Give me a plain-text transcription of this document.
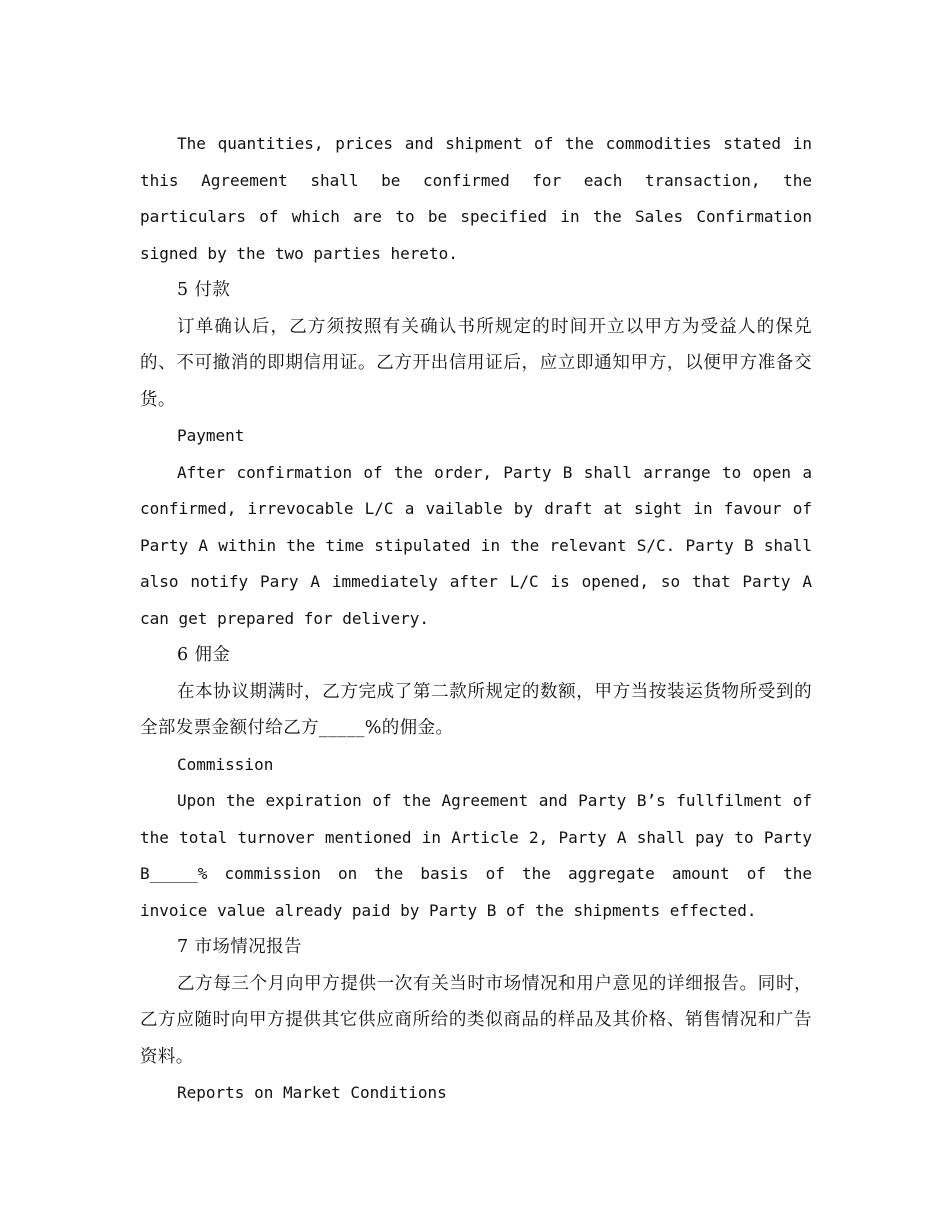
The quantities, prices and shipment of the commodities stated in this Agreement shall be confirmed for each transaction, the particulars of which are to be specified in the Sales Confirmation signed by the two parties hereto.

5 付款

订单确认后，乙方须按照有关确认书所规定的时间开立以甲方为受益人的保兑的、不可撤消的即期信用证。乙方开出信用证后，应立即通知甲方，以便甲方准备交货。

Payment

After confirmation of the order, Party B shall arrange to open a confirmed, irrevocable L/C a vailable by draft at sight in favour of Party A within the time stipulated in the relevant S/C. Party B shall also notify Pary A immediately after L/C is opened, so that Party A can get prepared for delivery.

6 佣金

在本协议期满时，乙方完成了第二款所规定的数额，甲方当按装运货物所受到的全部发票金额付给乙方_____%的佣金。

Commission

Upon the expiration of the Agreement and Party B’s fullfilment of the total turnover mentioned in Article 2, Party A shall pay to Party B_____% commission on the basis of the aggregate amount of the invoice value already paid by Party B of the shipments effected.

7 市场情况报告

乙方每三个月向甲方提供一次有关当时市场情况和用户意见的详细报告。同时，乙方应随时向甲方提供其它供应商所给的类似商品的样品及其价格、销售情况和广告资料。

Reports on Market Conditions
